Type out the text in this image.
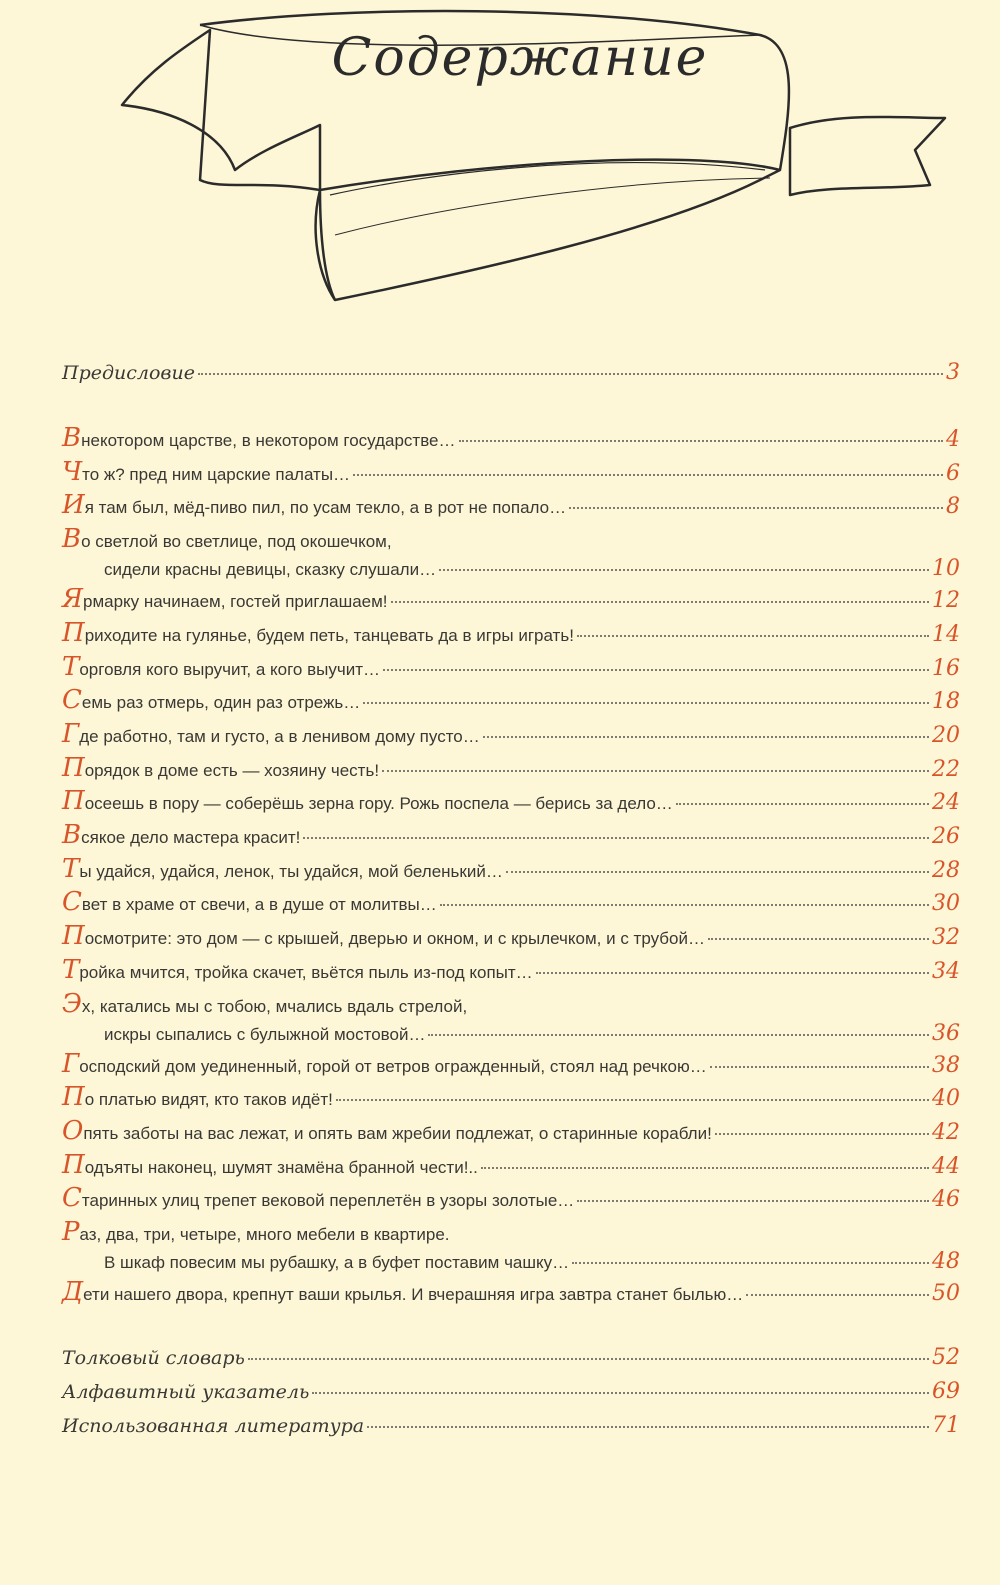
Содержание
Предисловие	3
В некотором царстве, в некотором государстве…	4
Ч то ж? пред ним царские палаты…	6
И я там был, мёд-пиво пил, по усам текло, а в рот не попало…	8
В о светлой во светлице, под окошечком,
сидели красны девицы, сказку слушали…	10
Я рмарку начинаем, гостей приглашаем!	12
П риходите на гулянье, будем петь, танцевать да в игры играть!	14
Т орговля кого выручит, а кого выучит…	16
С емь раз отмерь, один раз отрежь…	18
Г де работно, там и густо, а в ленивом дому пусто…	20
П орядок в доме есть — хозяину честь!	22
П осеешь в пору — соберёшь зерна гору. Рожь поспела — берись за дело…	24
В сякое дело мастера красит!	26
Т ы удайся, удайся, ленок, ты удайся, мой беленький…	28
С вет в храме от свечи, а в душе от молитвы…	30
П осмотрите: это дом — с крышей, дверью и окном, и с крылечком, и с трубой…	32
Т ройка мчится, тройка скачет, вьётся пыль из-под копыт…	34
Э х, катались мы с тобою, мчались вдаль стрелой,
искры сыпались с булыжной мостовой…	36
Г осподский дом уединенный, горой от ветров огражденный, стоял над речкою…	38
П о платью видят, кто таков идёт!	40
О пять заботы на вас лежат, и опять вам жребии подлежат, о старинные корабли!	42
П одъяты наконец, шумят знамёна бранной чести!..	44
С таринных улиц трепет вековой переплетён в узоры золотые…	46
Р аз, два, три, четыре, много мебели в квартире.
В шкаф повесим мы рубашку, а в буфет поставим чашку…	48
Д ети нашего двора, крепнут ваши крылья. И вчерашняя игра завтра станет былью…	50
Толковый словарь	52
Алфавитный указатель	69
Использованная литература	71
